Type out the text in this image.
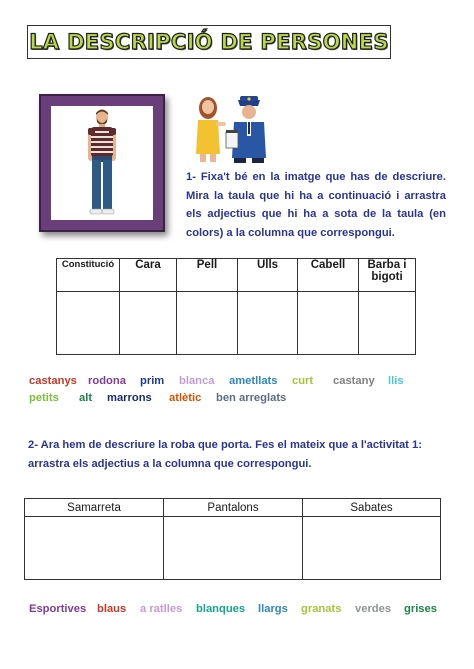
LA DESCRIPCIÓ DE PERSONES
1- Fixa't bé en la imatge que has de descriure. Mira la taula que hi ha a continuació i arrastra els adjectius que hi ha a sota de la taula (en colors) a la columna que correspongui.
Constitució	Cara	Pell	Ulls	Cabell	Barba i bigoti

castanys rodona prim blanca ametllats curt castany llis
petits alt marrons atlètic ben arreglats
2- Ara hem de descriure la roba que porta. Fes el mateix que a l'activitat 1: arrastra els adjectius a la columna que correspongui.
Samarreta	Pantalons	Sabates

Esportives blaus a ratlles blanques llargs granats verdes grises
